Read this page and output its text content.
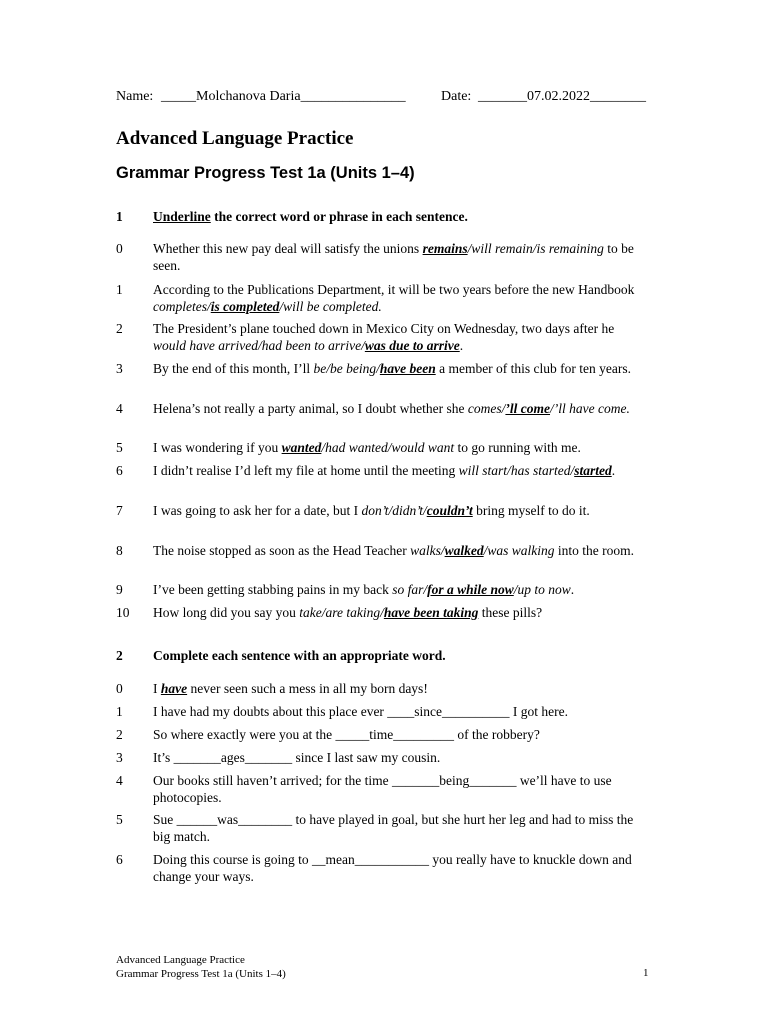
Name: _____Molchanova Daria_______________	Date: _______07.02.2022________
Advanced Language Practice
Grammar Progress Test 1a (Units 1–4)
1 Underline the correct word or phrase in each sentence.
0 Whether this new pay deal will satisfy the unions remains/will remain/is remaining to be seen.
1 According to the Publications Department, it will be two years before the new Handbook completes/is completed/will be completed.
2 The President’s plane touched down in Mexico City on Wednesday, two days after he would have arrived/had been to arrive/was due to arrive.
3 By the end of this month, I’ll be/be being/have been a member of this club for ten years.
4 Helena’s not really a party animal, so I doubt whether she comes/’ll come/’ll have come.
5 I was wondering if you wanted/had wanted/would want to go running with me.
6 I didn’t realise I’d left my file at home until the meeting will start/has started/started.
7 I was going to ask her for a date, but I don’t/didn’t/couldn’t bring myself to do it.
8 The noise stopped as soon as the Head Teacher walks/walked/was walking into the room.
9 I’ve been getting stabbing pains in my back so far/for a while now/up to now.
10 How long did you say you take/are taking/have been taking these pills?
2 Complete each sentence with an appropriate word.
0 I have never seen such a mess in all my born days!
1 I have had my doubts about this place ever ____since__________ I got here.
2 So where exactly were you at the _____time_________ of the robbery?
3 It’s _______ages_______ since I last saw my cousin.
4 Our books still haven’t arrived; for the time _______being_______ we’ll have to use photocopies.
5 Sue ______was________ to have played in goal, but she hurt her leg and had to miss the big match.
6 Doing this course is going to __mean___________ you really have to knuckle down and change your ways.
Advanced Language Practice
Grammar Progress Test 1a (Units 1–4)	1
